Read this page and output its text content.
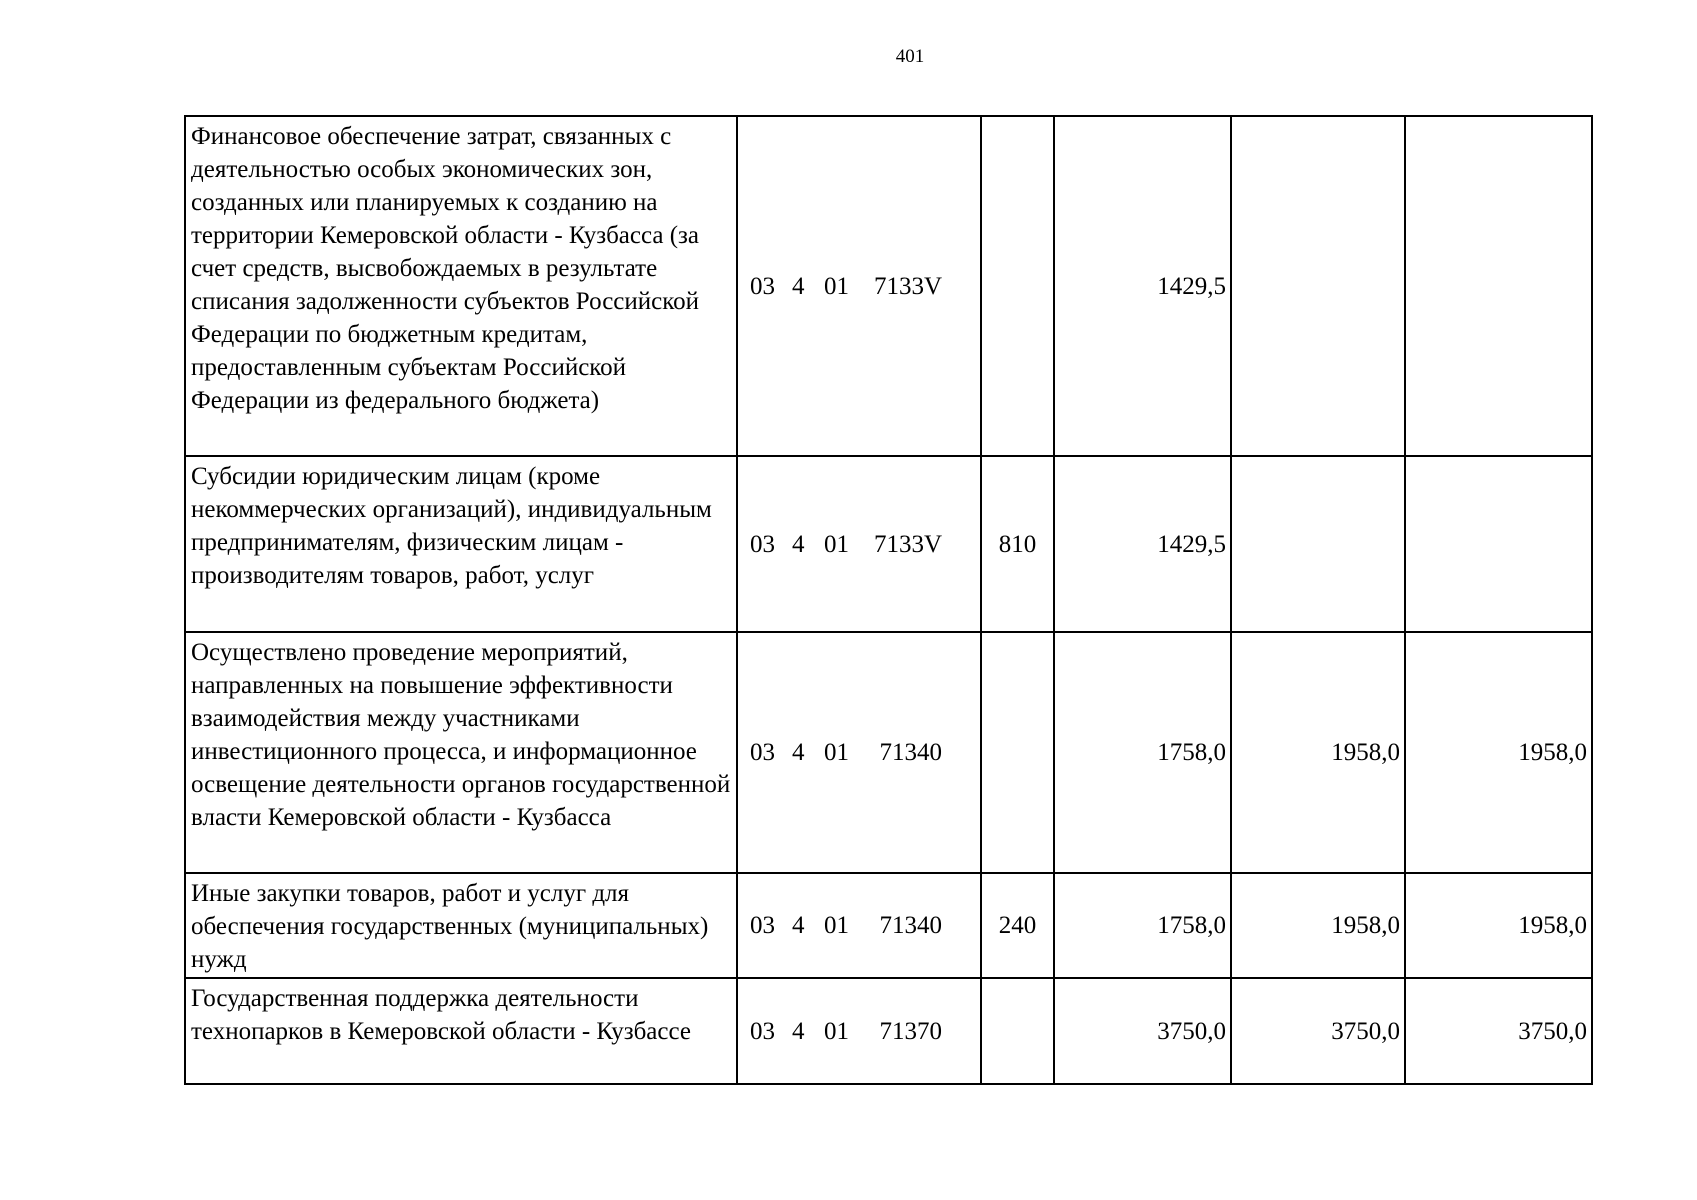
401
Финансовое обеспечение затрат, связанных с деятельностью особых экономических зон, созданных или планируемых к созданию на территории Кемеровской области - Кузбасса (за счет средств, высвобождаемых в результате списания задолженности субъектов Российской Федерации по бюджетным кредитам, предоставленным субъектам Российской Федерации из федерального бюджета)	03 4 01 7133V		1429,5		
Субсидии юридическим лицам (кроме некоммерческих организаций), индивидуальным предпринимателям, физическим лицам - производителям товаров, работ, услуг	03 4 01 7133V	810	1429,5		
Осуществлено проведение мероприятий, направленных на повышение эффективности взаимодействия между участниками инвестиционного процесса, и информационное освещение деятельности органов государственной власти Кемеровской области - Кузбасса	03 4 01 71340		1758,0	1958,0	1958,0
Иные закупки товаров, работ и услуг для обеспечения государственных (муниципальных) нужд	03 4 01 71340	240	1758,0	1958,0	1958,0
Государственная поддержка деятельности технопарков в Кемеровской области - Кузбассе	03 4 01 71370		3750,0	3750,0	3750,0
